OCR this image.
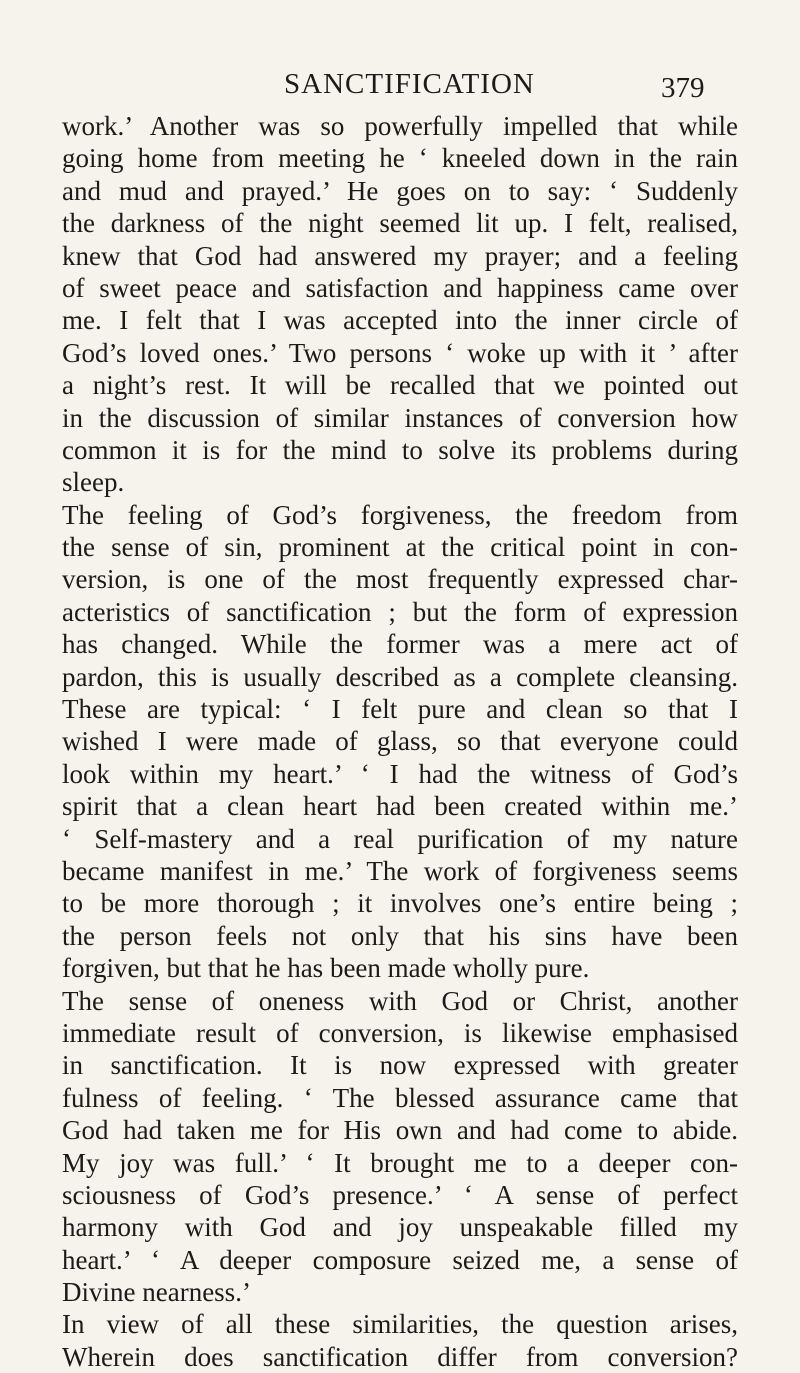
SANCTIFICATION	379
work.’ Another was so powerfully impelled that while
going home from meeting he ‘ kneeled down in the rain
and mud and prayed.’ He goes on to say: ‘ Suddenly
the darkness of the night seemed lit up. I felt, realised,
knew that God had answered my prayer; and a feeling
of sweet peace and satisfaction and happiness came over
me. I felt that I was accepted into the inner circle of
God’s loved ones.’ Two persons ‘ woke up with it ’ after
a night’s rest. It will be recalled that we pointed out
in the discussion of similar instances of conversion how
common it is for the mind to solve its problems during
sleep.
The feeling of God’s forgiveness, the freedom from
the sense of sin, prominent at the critical point in con-
version, is one of the most frequently expressed char-
acteristics of sanctification ; but the form of expression
has changed. While the former was a mere act of
pardon, this is usually described as a complete cleansing.
These are typical: ‘ I felt pure and clean so that I
wished I were made of glass, so that everyone could
look within my heart.’ ‘ I had the witness of God’s
spirit that a clean heart had been created within me.’
‘ Self-mastery and a real purification of my nature
became manifest in me.’ The work of forgiveness seems
to be more thorough ; it involves one’s entire being ;
the person feels not only that his sins have been
forgiven, but that he has been made wholly pure.
The sense of oneness with God or Christ, another
immediate result of conversion, is likewise emphasised
in sanctification. It is now expressed with greater
fulness of feeling. ‘ The blessed assurance came that
God had taken me for His own and had come to abide.
My joy was full.’ ‘ It brought me to a deeper con-
sciousness of God’s presence.’ ‘ A sense of perfect
harmony with God and joy unspeakable filled my
heart.’ ‘ A deeper composure seized me, a sense of
Divine nearness.’
In view of all these similarities, the question arises,
Wherein does sanctification differ from conversion?
